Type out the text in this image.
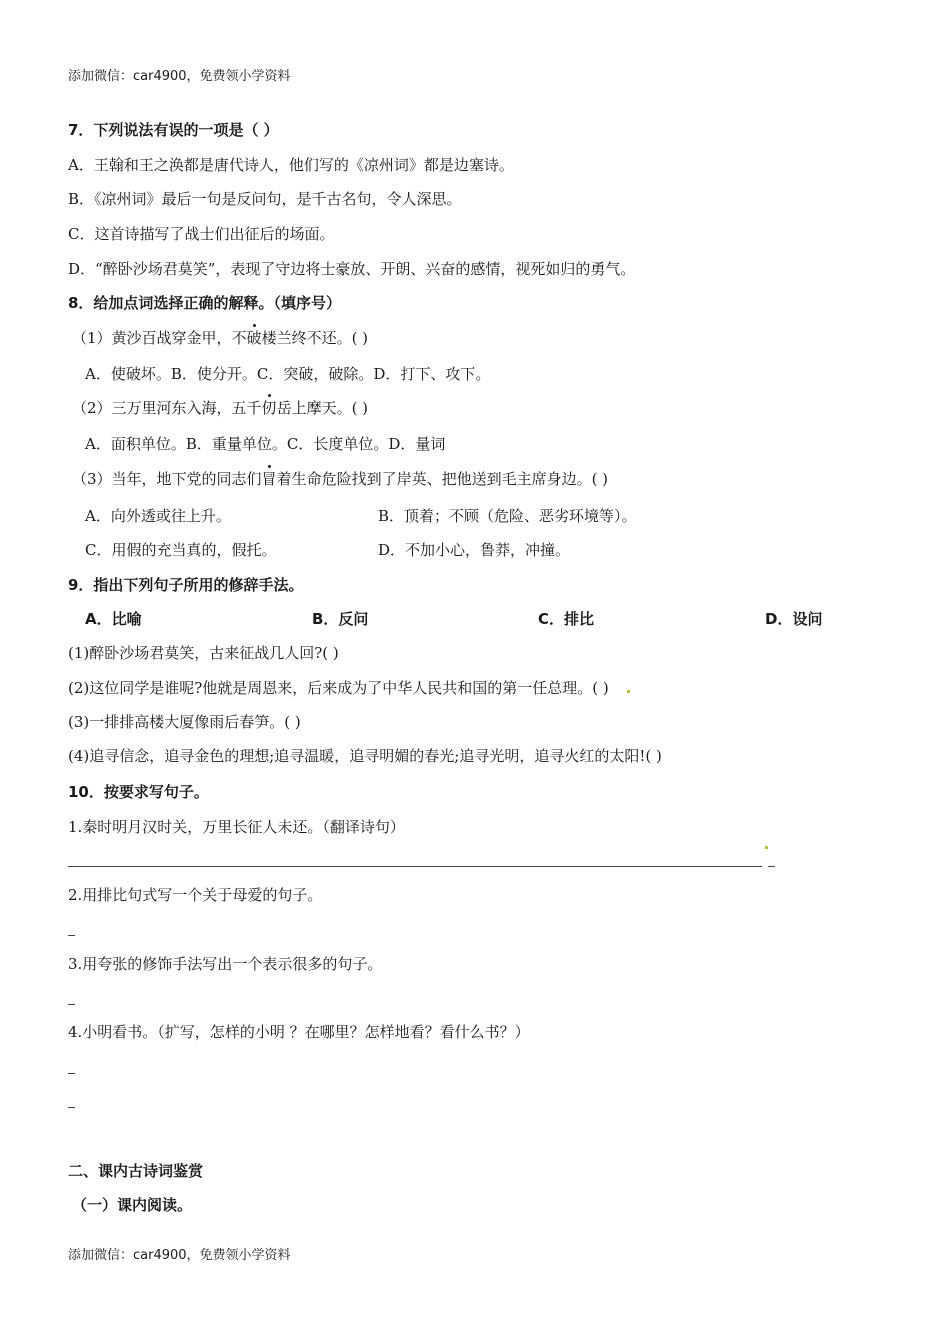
添加微信：car4900，免费领小学资料
7．下列说法有误的一项是（ ）
A．王翰和王之涣都是唐代诗人，他们写的《凉州词》都是边塞诗。
B．《凉州词》最后一句是反问句，是千古名句，令人深思。
C．这首诗描写了战士们出征后的场面。
D．“醉卧沙场君莫笑”，表现了守边将士豪放、开朗、兴奋的感情，视死如归的勇气。
8．给加点词选择正确的解释。（填序号）
（1）黄沙百战穿金甲，不破楼兰终不还。( )
A．使破坏。B．使分开。C．突破，破除。D．打下、攻下。
（2）三万里河东入海，五千仞岳上摩天。( )
A．面积单位。B．重量单位。C．长度单位。D．量词
（3）当年，地下党的同志们冒着生命危险找到了岸英、把他送到毛主席身边。( )
A．向外透或往上升。	B．顶着；不顾（危险、恶劣环境等）。
C．用假的充当真的，假托。	D．不加小心，鲁莽，冲撞。
9．指出下列句子所用的修辞手法。
A．比喻	B．反问	C．排比	D．设问
(1)醉卧沙场君莫笑，古来征战几人回?( )
(2)这位同学是谁呢?他就是周恩来，后来成为了中华人民共和国的第一任总理。( )
(3)一排排高楼大厦像雨后春笋。( )
(4)追寻信念，追寻金色的理想;追寻温暖，追寻明媚的春光;追寻光明，追寻火红的太阳!( )
10．按要求写句子。
1.秦时明月汉时关，万里长征人未还。（翻译诗句）
2.用排比句式写一个关于母爱的句子。
3.用夸张的修饰手法写出一个表示很多的句子。
4.小明看书。（扩写，怎样的小明 ？在哪里？怎样地看？看什么书？）
二、课内古诗词鉴赏
（一）课内阅读。
添加微信：car4900，免费领小学资料
